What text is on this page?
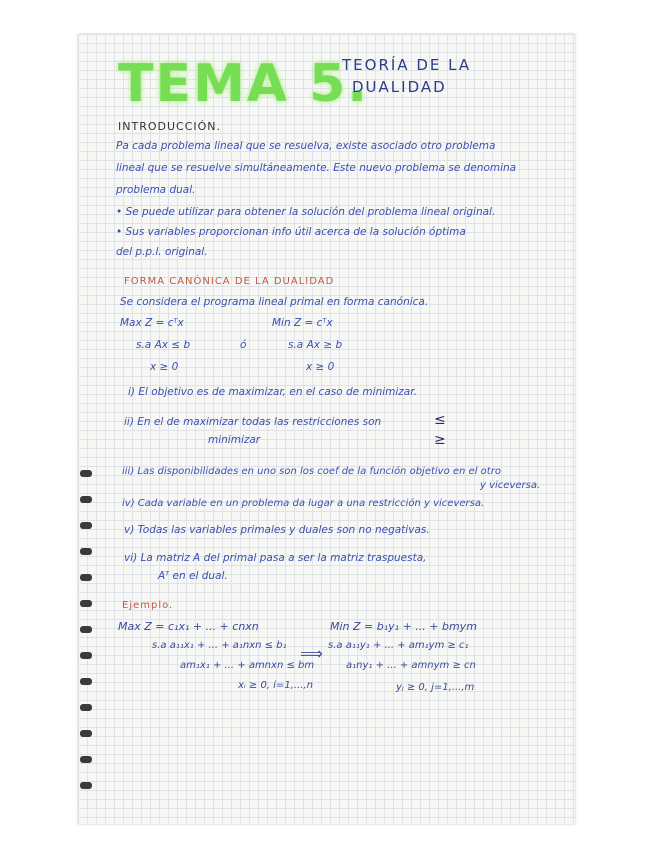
TEMA 5.
TEORÍA DE LA
DUALIDAD
INTRODUCCIÓN.
Pa cada problema lineal que se resuelva, existe asociado otro problema
lineal que se resuelve simultáneamente. Este nuevo problema se denomina
problema dual.
• Se puede utilizar para obtener la solución del problema lineal original.
• Sus variables proporcionan info útil acerca de la solución óptima
del p.p.l. original.
FORMA CANÓNICA DE LA DUALIDAD
Se considera el programa lineal primal en forma canónica.
Max Z = cᵀx
s.a Ax ≤ b
x ≥ 0
ó
Min Z = cᵀx
s.a Ax ≥ b
x ≥ 0
i) El objetivo es de maximizar, en el caso de minimizar.
ii) En el de maximizar todas las restricciones son	≤
minimizar	≥
iii) Las disponibilidades en uno son los coef de la función objetivo en el otro
y viceversa.
iv) Cada variable en un problema da lugar a una restricción y viceversa.
v) Todas las variables primales y duales son no negativas.
vi) La matriz A del primal pasa a ser la matriz traspuesta,
Aᵀ en el dual.
Ejemplo.
Max Z = c₁x₁ + ... + cnxn
s.a a₁₁x₁ + ... + a₁nxn ≤ b₁
am₁x₁ + ... + amnxn ≤ bm
xᵢ ≥ 0, i=1,...,n
⟹
Min Z = b₁y₁ + ... + bmym
s.a a₁₁y₁ + ... + am₁ym ≥ c₁
a₁ny₁ + ... + amnym ≥ cn
yⱼ ≥ 0, j=1,...,m
